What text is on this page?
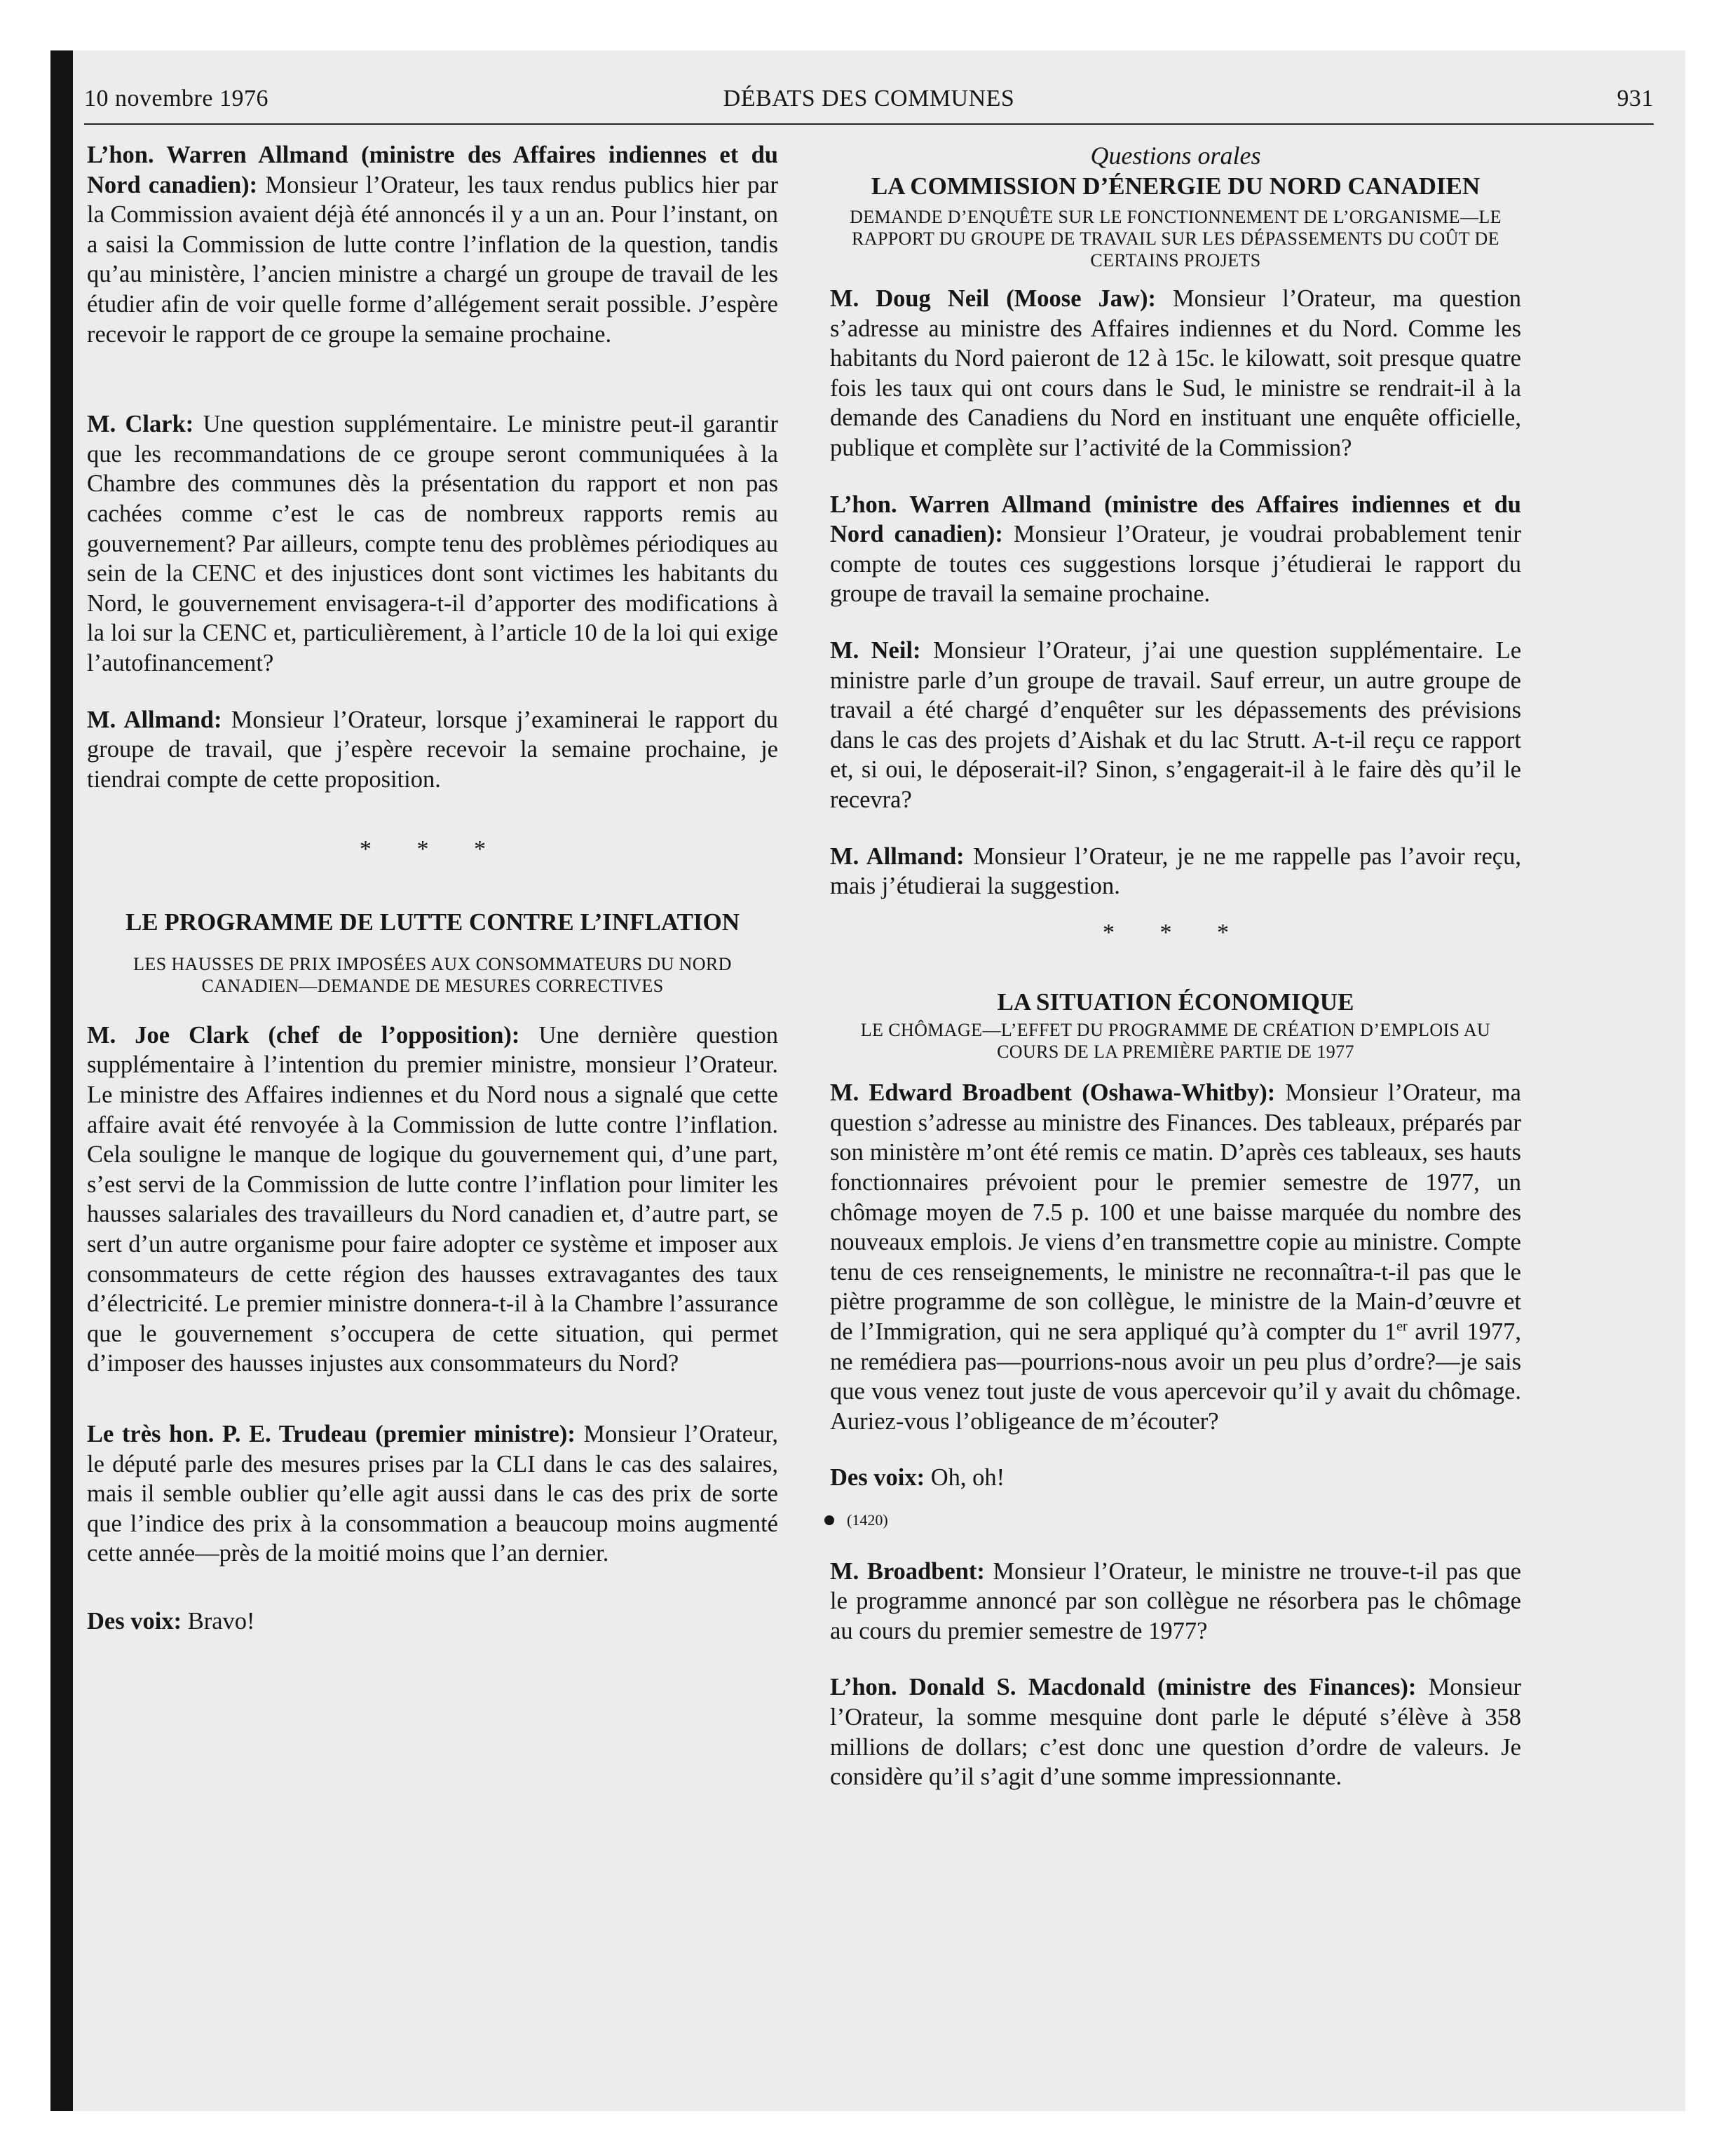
10 novembre 1976	DÉBATS DES COMMUNES	931

L’hon. Warren Allmand (ministre des Affaires indiennes et du Nord canadien): Monsieur l’Orateur, les taux rendus publics hier par la Commission avaient déjà été annoncés il y a un an. Pour l’instant, on a saisi la Commission de lutte contre l’inflation de la question, tandis qu’au ministère, l’ancien ministre a chargé un groupe de travail de les étudier afin de voir quelle forme d’allégement serait possible. J’espère recevoir le rapport de ce groupe la semaine prochaine.

M. Clark: Une question supplémentaire. Le ministre peut-il garantir que les recommandations de ce groupe seront communiquées à la Chambre des communes dès la présentation du rapport et non pas cachées comme c’est le cas de nombreux rapports remis au gouvernement? Par ailleurs, compte tenu des problèmes périodiques au sein de la CENC et des injustices dont sont victimes les habitants du Nord, le gouvernement envisagera-t-il d’apporter des modifications à la loi sur la CENC et, particulièrement, à l’article 10 de la loi qui exige l’autofinancement?

M. Allmand: Monsieur l’Orateur, lorsque j’examinerai le rapport du groupe de travail, que j’espère recevoir la semaine prochaine, je tiendrai compte de cette proposition.

* * *
LE PROGRAMME DE LUTTE CONTRE L’INFLATION
LES HAUSSES DE PRIX IMPOSÉES AUX CONSOMMATEURS DU NORD CANADIEN—DEMANDE DE MESURES CORRECTIVES

M. Joe Clark (chef de l’opposition): Une dernière question supplémentaire à l’intention du premier ministre, monsieur l’Orateur. Le ministre des Affaires indiennes et du Nord nous a signalé que cette affaire avait été renvoyée à la Commission de lutte contre l’inflation. Cela souligne le manque de logique du gouvernement qui, d’une part, s’est servi de la Commission de lutte contre l’inflation pour limiter les hausses salariales des travailleurs du Nord canadien et, d’autre part, se sert d’un autre organisme pour faire adopter ce système et imposer aux consommateurs de cette région des hausses extravagantes des taux d’électricité. Le premier ministre donnera-t-il à la Chambre l’assurance que le gouvernement s’occupera de cette situation, qui permet d’imposer des hausses injustes aux consommateurs du Nord?

Le très hon. P. E. Trudeau (premier ministre): Monsieur l’Orateur, le député parle des mesures prises par la CLI dans le cas des salaires, mais il semble oublier qu’elle agit aussi dans le cas des prix de sorte que l’indice des prix à la consommation a beaucoup moins augmenté cette année—près de la moitié moins que l’an dernier.

Des voix: Bravo!

Questions orales
LA COMMISSION D’ÉNERGIE DU NORD CANADIEN
DEMANDE D’ENQUÊTE SUR LE FONCTIONNEMENT DE L’ORGANISME—LE RAPPORT DU GROUPE DE TRAVAIL SUR LES DÉPASSEMENTS DU COÛT DE CERTAINS PROJETS

M. Doug Neil (Moose Jaw): Monsieur l’Orateur, ma question s’adresse au ministre des Affaires indiennes et du Nord. Comme les habitants du Nord paieront de 12 à 15c. le kilowatt, soit presque quatre fois les taux qui ont cours dans le Sud, le ministre se rendrait-il à la demande des Canadiens du Nord en instituant une enquête officielle, publique et complète sur l’activité de la Commission?

L’hon. Warren Allmand (ministre des Affaires indiennes et du Nord canadien): Monsieur l’Orateur, je voudrai probablement tenir compte de toutes ces suggestions lorsque j’étudierai le rapport du groupe de travail la semaine prochaine.

M. Neil: Monsieur l’Orateur, j’ai une question supplémentaire. Le ministre parle d’un groupe de travail. Sauf erreur, un autre groupe de travail a été chargé d’enquêter sur les dépassements des prévisions dans le cas des projets d’Aishak et du lac Strutt. A-t-il reçu ce rapport et, si oui, le déposerait-il? Sinon, s’engagerait-il à le faire dès qu’il le recevra?

M. Allmand: Monsieur l’Orateur, je ne me rappelle pas l’avoir reçu, mais j’étudierai la suggestion.

* * *
LA SITUATION ÉCONOMIQUE
LE CHÔMAGE—L’EFFET DU PROGRAMME DE CRÉATION D’EMPLOIS AU COURS DE LA PREMIÈRE PARTIE DE 1977

M. Edward Broadbent (Oshawa-Whitby): Monsieur l’Orateur, ma question s’adresse au ministre des Finances. Des tableaux, préparés par son ministère m’ont été remis ce matin. D’après ces tableaux, ses hauts fonctionnaires prévoient pour le premier semestre de 1977, un chômage moyen de 7.5 p. 100 et une baisse marquée du nombre des nouveaux emplois. Je viens d’en transmettre copie au ministre. Compte tenu de ces renseignements, le ministre ne reconnaîtra-t-il pas que le piètre programme de son collègue, le ministre de la Main-d’œuvre et de l’Immigration, qui ne sera appliqué qu’à compter du 1er avril 1977, ne remédiera pas—pourrions-nous avoir un peu plus d’ordre?—je sais que vous venez tout juste de vous apercevoir qu’il y avait du chômage. Auriez-vous l’obligeance de m’écouter?

Des voix: Oh, oh!

(1420)

M. Broadbent: Monsieur l’Orateur, le ministre ne trouve-t-il pas que le programme annoncé par son collègue ne résorbera pas le chômage au cours du premier semestre de 1977?

L’hon. Donald S. Macdonald (ministre des Finances): Monsieur l’Orateur, la somme mesquine dont parle le député s’élève à 358 millions de dollars; c’est donc une question d’ordre de valeurs. Je considère qu’il s’agit d’une somme impressionnante.
